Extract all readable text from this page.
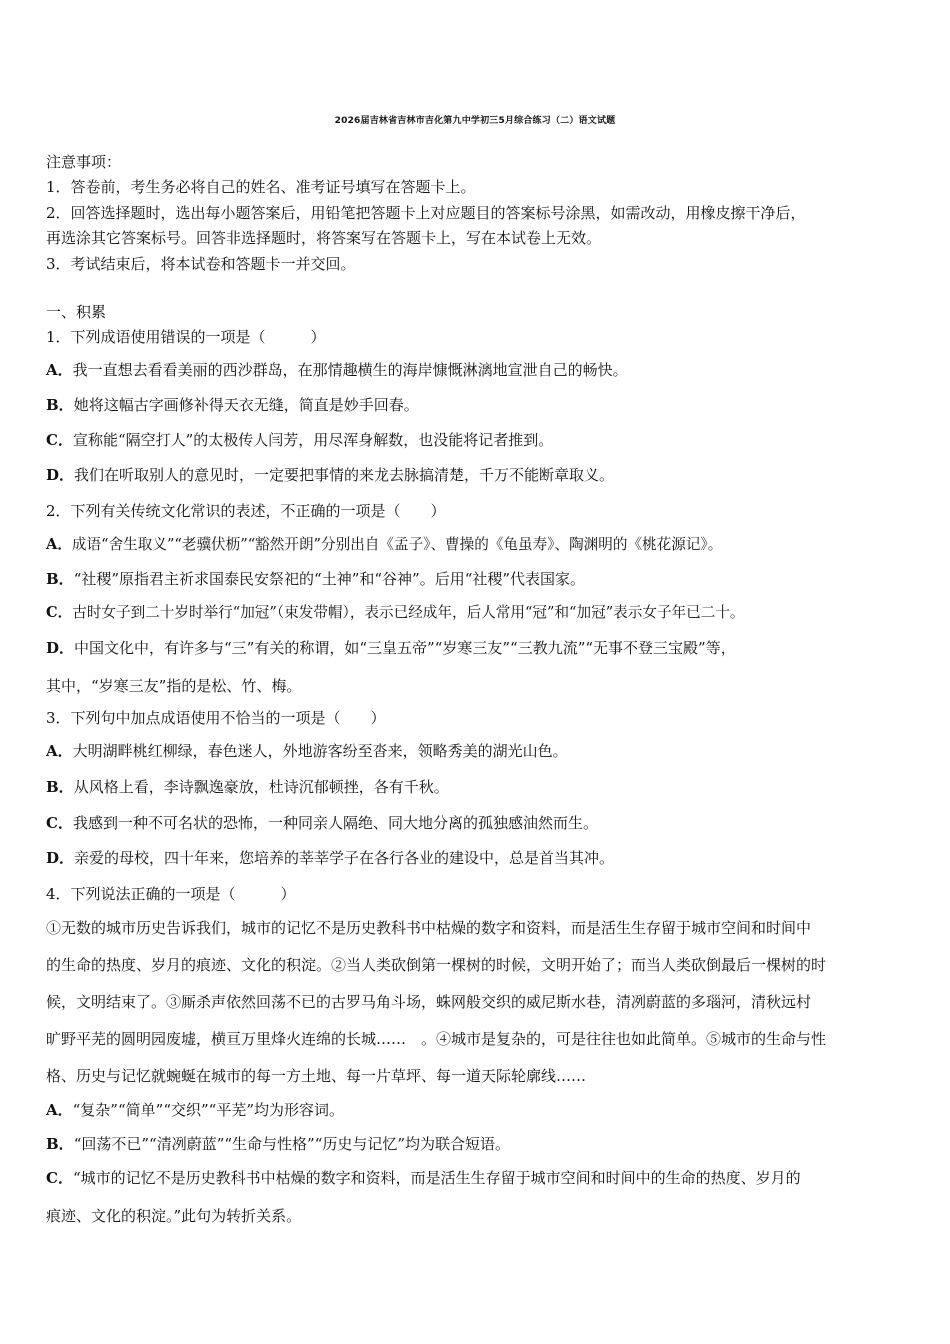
2026届吉林省吉林市吉化第九中学初三5月综合练习（二）语文试题
注意事项：
1．答卷前，考生务必将自己的姓名、准考证号填写在答题卡上。
2．回答选择题时，选出每小题答案后，用铅笔把答题卡上对应题目的答案标号涂黑，如需改动，用橡皮擦干净后，
再选涂其它答案标号。回答非选择题时，将答案写在答题卡上，写在本试卷上无效。
3．考试结束后，将本试卷和答题卡一并交回。
一、积累
1．下列成语使用错误的一项是（　　　）
A．我一直想去看看美丽的西沙群岛，在那情趣横生的海岸慷慨淋漓地宣泄自己的畅快。
B．她将这幅古字画修补得天衣无缝，简直是妙手回春。
C．宣称能“隔空打人”的太极传人闫芳，用尽浑身解数，也没能将记者推到。
D．我们在听取别人的意见时，一定要把事情的来龙去脉搞清楚，千万不能断章取义。
2．下列有关传统文化常识的表述，不正确的一项是（　　）
A．成语“舍生取义”“老骥伏枥”“豁然开朗”分别出自《孟子》、曹操的《龟虽寿》、陶渊明的《桃花源记》。
B．“社稷”原指君主祈求国泰民安祭祀的“土神”和“谷神”。后用“社稷”代表国家。
C．古时女子到二十岁时举行“加冠”（束发带帽），表示已经成年，后人常用“冠”和“加冠”表示女子年已二十。
D．中国文化中，有许多与“三”有关的称谓，如“三皇五帝”“岁寒三友”“三教九流”“无事不登三宝殿”等，
其中，“岁寒三友”指的是松、竹、梅。
3．下列句中加点成语使用不恰当的一项是（　　）
A．大明湖畔桃红柳绿，春色迷人，外地游客纷至沓来，领略秀美的湖光山色。
B．从风格上看，李诗飘逸豪放，杜诗沉郁顿挫，各有千秋。
C．我感到一种不可名状的恐怖，一种同亲人隔绝、同大地分离的孤独感油然而生。
D．亲爱的母校，四十年来，您培养的莘莘学子在各行各业的建设中，总是首当其冲。
4．下列说法正确的一项是（　　　）
①无数的城市历史告诉我们，城市的记忆不是历史教科书中枯燥的数字和资料，而是活生生存留于城市空间和时间中
的生命的热度、岁月的痕迹、文化的积淀。②当人类砍倒第一棵树的时候，文明开始了；而当人类砍倒最后一棵树的时
候，文明结束了。③厮杀声依然回荡不已的古罗马角斗场，蛛网般交织的威尼斯水巷，清冽蔚蓝的多瑙河，清秋远村
旷野平芜的圆明园废墟，横亘万里烽火连绵的长城……　。④城市是复杂的，可是往往也如此简单。⑤城市的生命与性
格、历史与记忆就蜿蜒在城市的每一方土地、每一片草坪、每一道天际轮廓线……
A．“复杂”“简单”“交织”“平芜”均为形容词。
B．“回荡不已”“清冽蔚蓝”“生命与性格”“历史与记忆”均为联合短语。
C．“城市的记忆不是历史教科书中枯燥的数字和资料，而是活生生存留于城市空间和时间中的生命的热度、岁月的
痕迹、文化的积淀。”此句为转折关系。
